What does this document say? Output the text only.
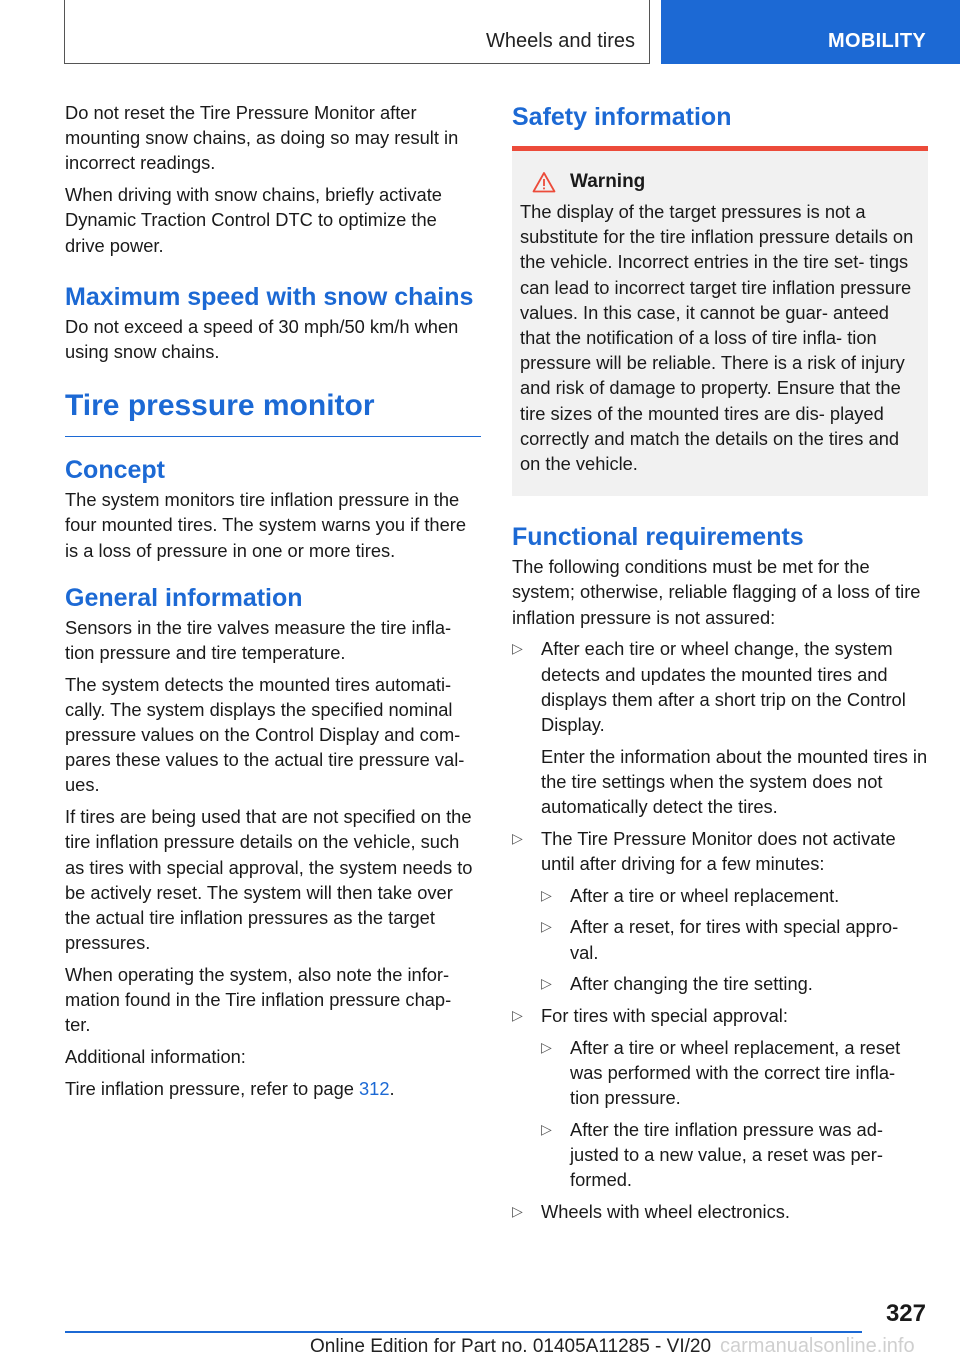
Wheels and tires	MOBILITY

Do not reset the Tire Pressure Monitor after mounting snow chains, as doing so may result in incorrect readings.

When driving with snow chains, briefly activate Dynamic Traction Control DTC to optimize the drive power.

Maximum speed with snow chains

Do not exceed a speed of 30 mph/50 km/h when using snow chains.

Tire pressure monitor
Concept

The system monitors tire inflation pressure in the four mounted tires. The system warns you if there is a loss of pressure in one or more tires.

General information

Sensors in the tire valves measure the tire infla‐ tion pressure and tire temperature.

The system detects the mounted tires automati‐ cally. The system displays the specified nominal pressure values on the Control Display and com‐ pares these values to the actual tire pressure val‐ ues.

If tires are being used that are not specified on the tire inflation pressure details on the vehicle, such as tires with special approval, the system needs to be actively reset. The system will then take over the actual tire inflation pressures as the target pressures.

When operating the system, also note the infor‐ mation found in the Tire inflation pressure chap‐ ter.

Additional information:

Tire inflation pressure, refer to page 312.

Safety information
Warning

The display of the target pressures is not a substitute for the tire inflation pressure details on the vehicle. Incorrect entries in the tire set‐ tings can lead to incorrect target tire inflation pressure values. In this case, it cannot be guar‐ anteed that the notification of a loss of tire infla‐ tion pressure will be reliable. There is a risk of injury and risk of damage to property. Ensure that the tire sizes of the mounted tires are dis‐ played correctly and match the details on the tires and on the vehicle.

Functional requirements

The following conditions must be met for the system; otherwise, reliable flagging of a loss of tire inflation pressure is not assured:

▷ After each tire or wheel change, the system detects and updates the mounted tires and displays them after a short trip on the Control Display.
Enter the information about the mounted tires in the tire settings when the system does not automatically detect the tires.
▷ The Tire Pressure Monitor does not activate until after driving for a few minutes:
▷ After a tire or wheel replacement.
▷ After a reset, for tires with special appro‐ val.
▷ After changing the tire setting.
▷ For tires with special approval:
▷ After a tire or wheel replacement, a reset was performed with the correct tire infla‐ tion pressure.
▷ After the tire inflation pressure was ad‐ justed to a new value, a reset was per‐ formed.
▷ Wheels with wheel electronics.
327
Online Edition for Part no. 01405A11285 - VI/20 carmanualsonline.info
